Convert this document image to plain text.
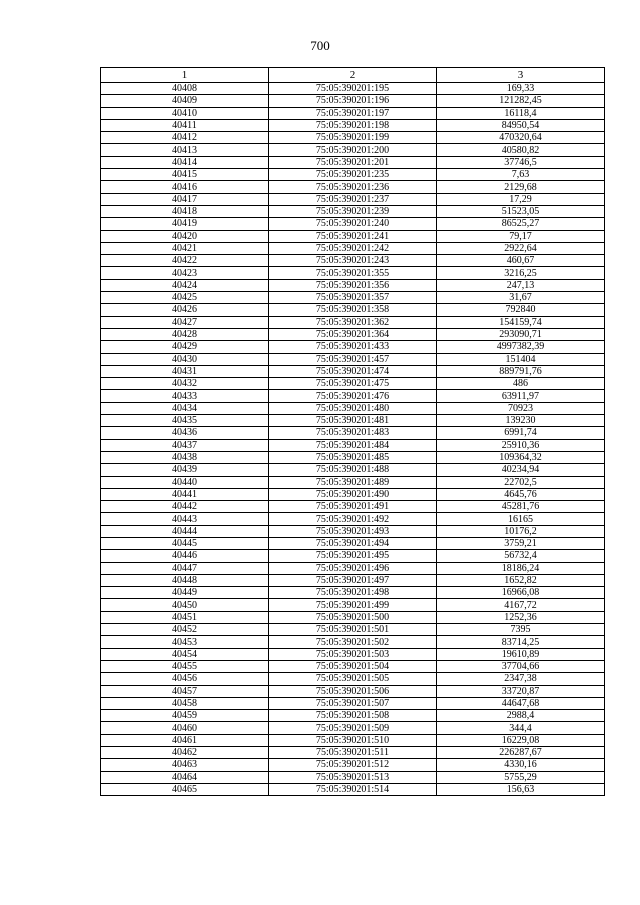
700
1	2	3
40408	75:05:390201:195	169,33
40409	75:05:390201:196	121282,45
40410	75:05:390201:197	16118,4
40411	75:05:390201:198	84950,54
40412	75:05:390201:199	470320,64
40413	75:05:390201:200	40580,82
40414	75:05:390201:201	37746,5
40415	75:05:390201:235	7,63
40416	75:05:390201:236	2129,68
40417	75:05:390201:237	17,29
40418	75:05:390201:239	51523,05
40419	75:05:390201:240	86525,27
40420	75:05:390201:241	79,17
40421	75:05:390201:242	2922,64
40422	75:05:390201:243	460,67
40423	75:05:390201:355	3216,25
40424	75:05:390201:356	247,13
40425	75:05:390201:357	31,67
40426	75:05:390201:358	792840
40427	75:05:390201:362	154159,74
40428	75:05:390201:364	293090,71
40429	75:05:390201:433	4997382,39
40430	75:05:390201:457	151404
40431	75:05:390201:474	889791,76
40432	75:05:390201:475	486
40433	75:05:390201:476	63911,97
40434	75:05:390201:480	70923
40435	75:05:390201:481	139230
40436	75:05:390201:483	6991,74
40437	75:05:390201:484	25910,36
40438	75:05:390201:485	109364,32
40439	75:05:390201:488	40234,94
40440	75:05:390201:489	22702,5
40441	75:05:390201:490	4645,76
40442	75:05:390201:491	45281,76
40443	75:05:390201:492	16165
40444	75:05:390201:493	10176,2
40445	75:05:390201:494	3759,21
40446	75:05:390201:495	56732,4
40447	75:05:390201:496	18186,24
40448	75:05:390201:497	1652,82
40449	75:05:390201:498	16966,08
40450	75:05:390201:499	4167,72
40451	75:05:390201:500	1252,36
40452	75:05:390201:501	7395
40453	75:05:390201:502	83714,25
40454	75:05:390201:503	19610,89
40455	75:05:390201:504	37704,66
40456	75:05:390201:505	2347,38
40457	75:05:390201:506	33720,87
40458	75:05:390201:507	44647,68
40459	75:05:390201:508	2988,4
40460	75:05:390201:509	344,4
40461	75:05:390201:510	16229,08
40462	75:05:390201:511	226287,67
40463	75:05:390201:512	4330,16
40464	75:05:390201:513	5755,29
40465	75:05:390201:514	156,63
